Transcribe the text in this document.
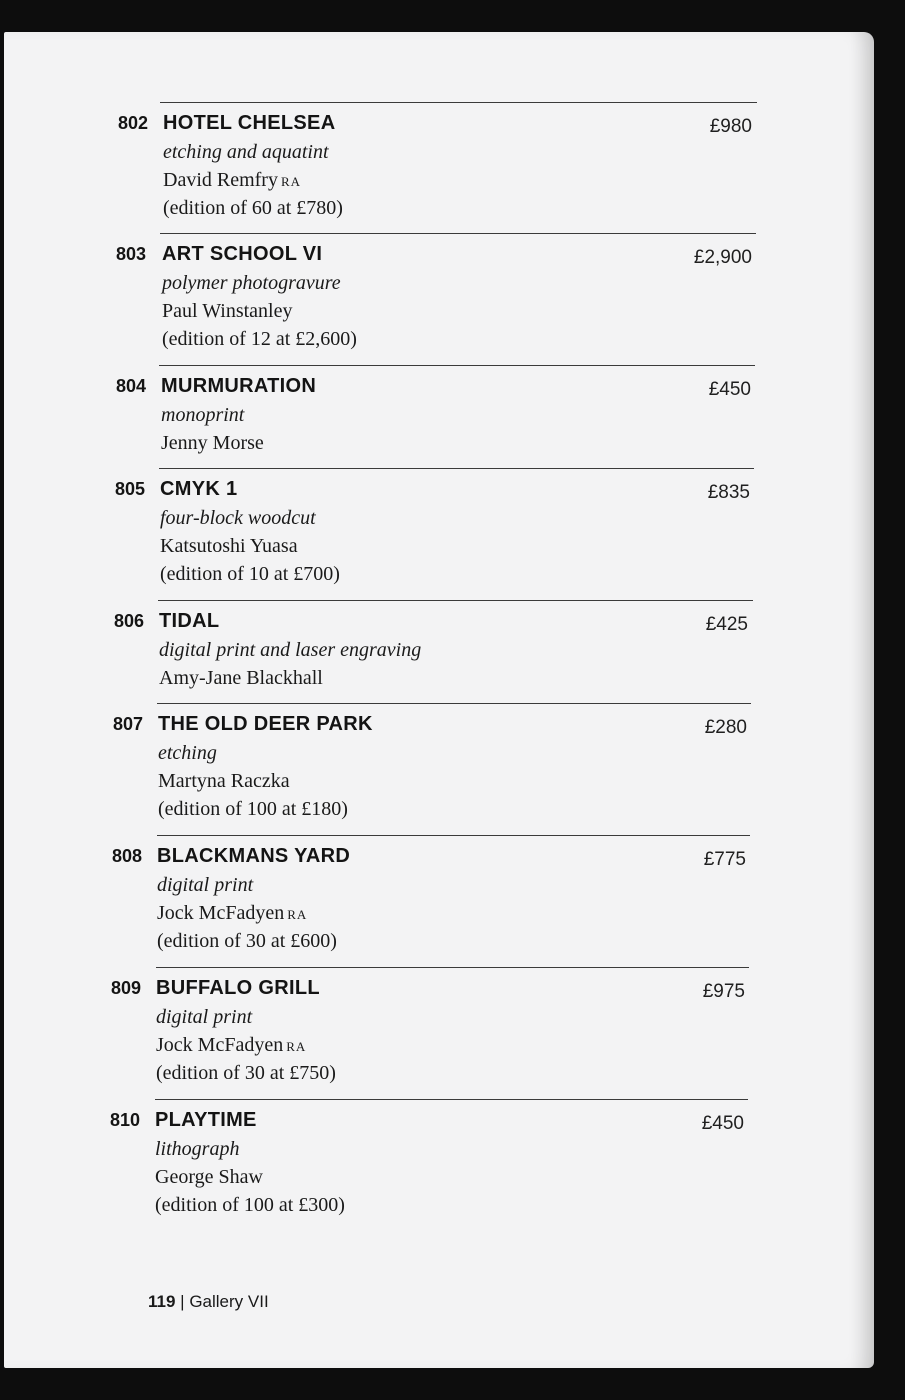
802 HOTEL CHELSEA
etching and aquatint
David Remfry RA
(edition of 60 at £780)
£980
803 ART SCHOOL VI
polymer photogravure
Paul Winstanley
(edition of 12 at £2,600)
£2,900
804 MURMURATION
monoprint
Jenny Morse
£450
805 CMYK 1
four-block woodcut
Katsutoshi Yuasa
(edition of 10 at £700)
£835
806 TIDAL
digital print and laser engraving
Amy-Jane Blackhall
£425
807 THE OLD DEER PARK
etching
Martyna Raczka
(edition of 100 at £180)
£280
808 BLACKMANS YARD
digital print
Jock McFadyen RA
(edition of 30 at £600)
£775
809 BUFFALO GRILL
digital print
Jock McFadyen RA
(edition of 30 at £750)
£975
810 PLAYTIME
lithograph
George Shaw
(edition of 100 at £300)
£450
119 | Gallery VII
